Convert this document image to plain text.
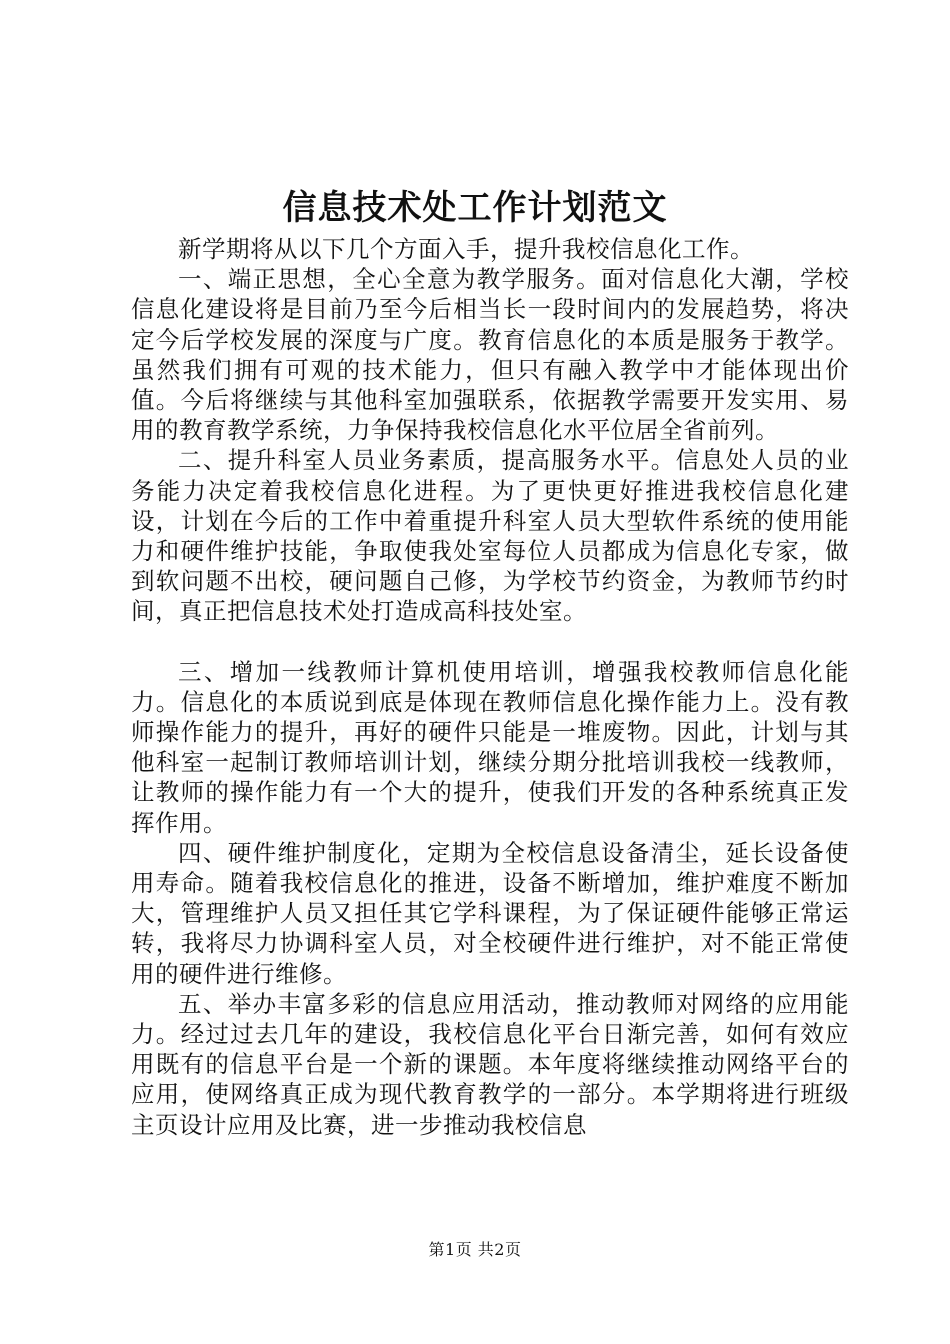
信息技术处工作计划范文

新学期将从以下几个方面入手，提升我校信息化工作。

一、端正思想，全心全意为教学服务。面对信息化大潮，学校信息化建设将是目前乃至今后相当长一段时间内的发展趋势，将决定今后学校发展的深度与广度。教育信息化的本质是服务于教学。虽然我们拥有可观的技术能力，但只有融入教学中才能体现出价值。今后将继续与其他科室加强联系，依据教学需要开发实用、易用的教育教学系统，力争保持我校信息化水平位居全省前列。

二、提升科室人员业务素质，提高服务水平。信息处人员的业务能力决定着我校信息化进程。为了更快更好推进我校信息化建设，计划在今后的工作中着重提升科室人员大型软件系统的使用能力和硬件维护技能，争取使我处室每位人员都成为信息化专家，做到软问题不出校，硬问题自己修，为学校节约资金，为教师节约时间，真正把信息技术处打造成高科技处室。

三、增加一线教师计算机使用培训，增强我校教师信息化能力。信息化的本质说到底是体现在教师信息化操作能力上。没有教师操作能力的提升，再好的硬件只能是一堆废物。因此，计划与其他科室一起制订教师培训计划，继续分期分批培训我校一线教师，让教师的操作能力有一个大的提升，使我们开发的各种系统真正发挥作用。

四、硬件维护制度化，定期为全校信息设备清尘，延长设备使用寿命。随着我校信息化的推进，设备不断增加，维护难度不断加大，管理维护人员又担任其它学科课程，为了保证硬件能够正常运转，我将尽力协调科室人员，对全校硬件进行维护，对不能正常使用的硬件进行维修。

五、举办丰富多彩的信息应用活动，推动教师对网络的应用能力。经过过去几年的建设，我校信息化平台日渐完善，如何有效应用既有的信息平台是一个新的课题。本年度将继续推动网络平台的应用，使网络真正成为现代教育教学的一部分。本学期将进行班级主页设计应用及比赛，进一步推动我校信息

第1页 共2页
